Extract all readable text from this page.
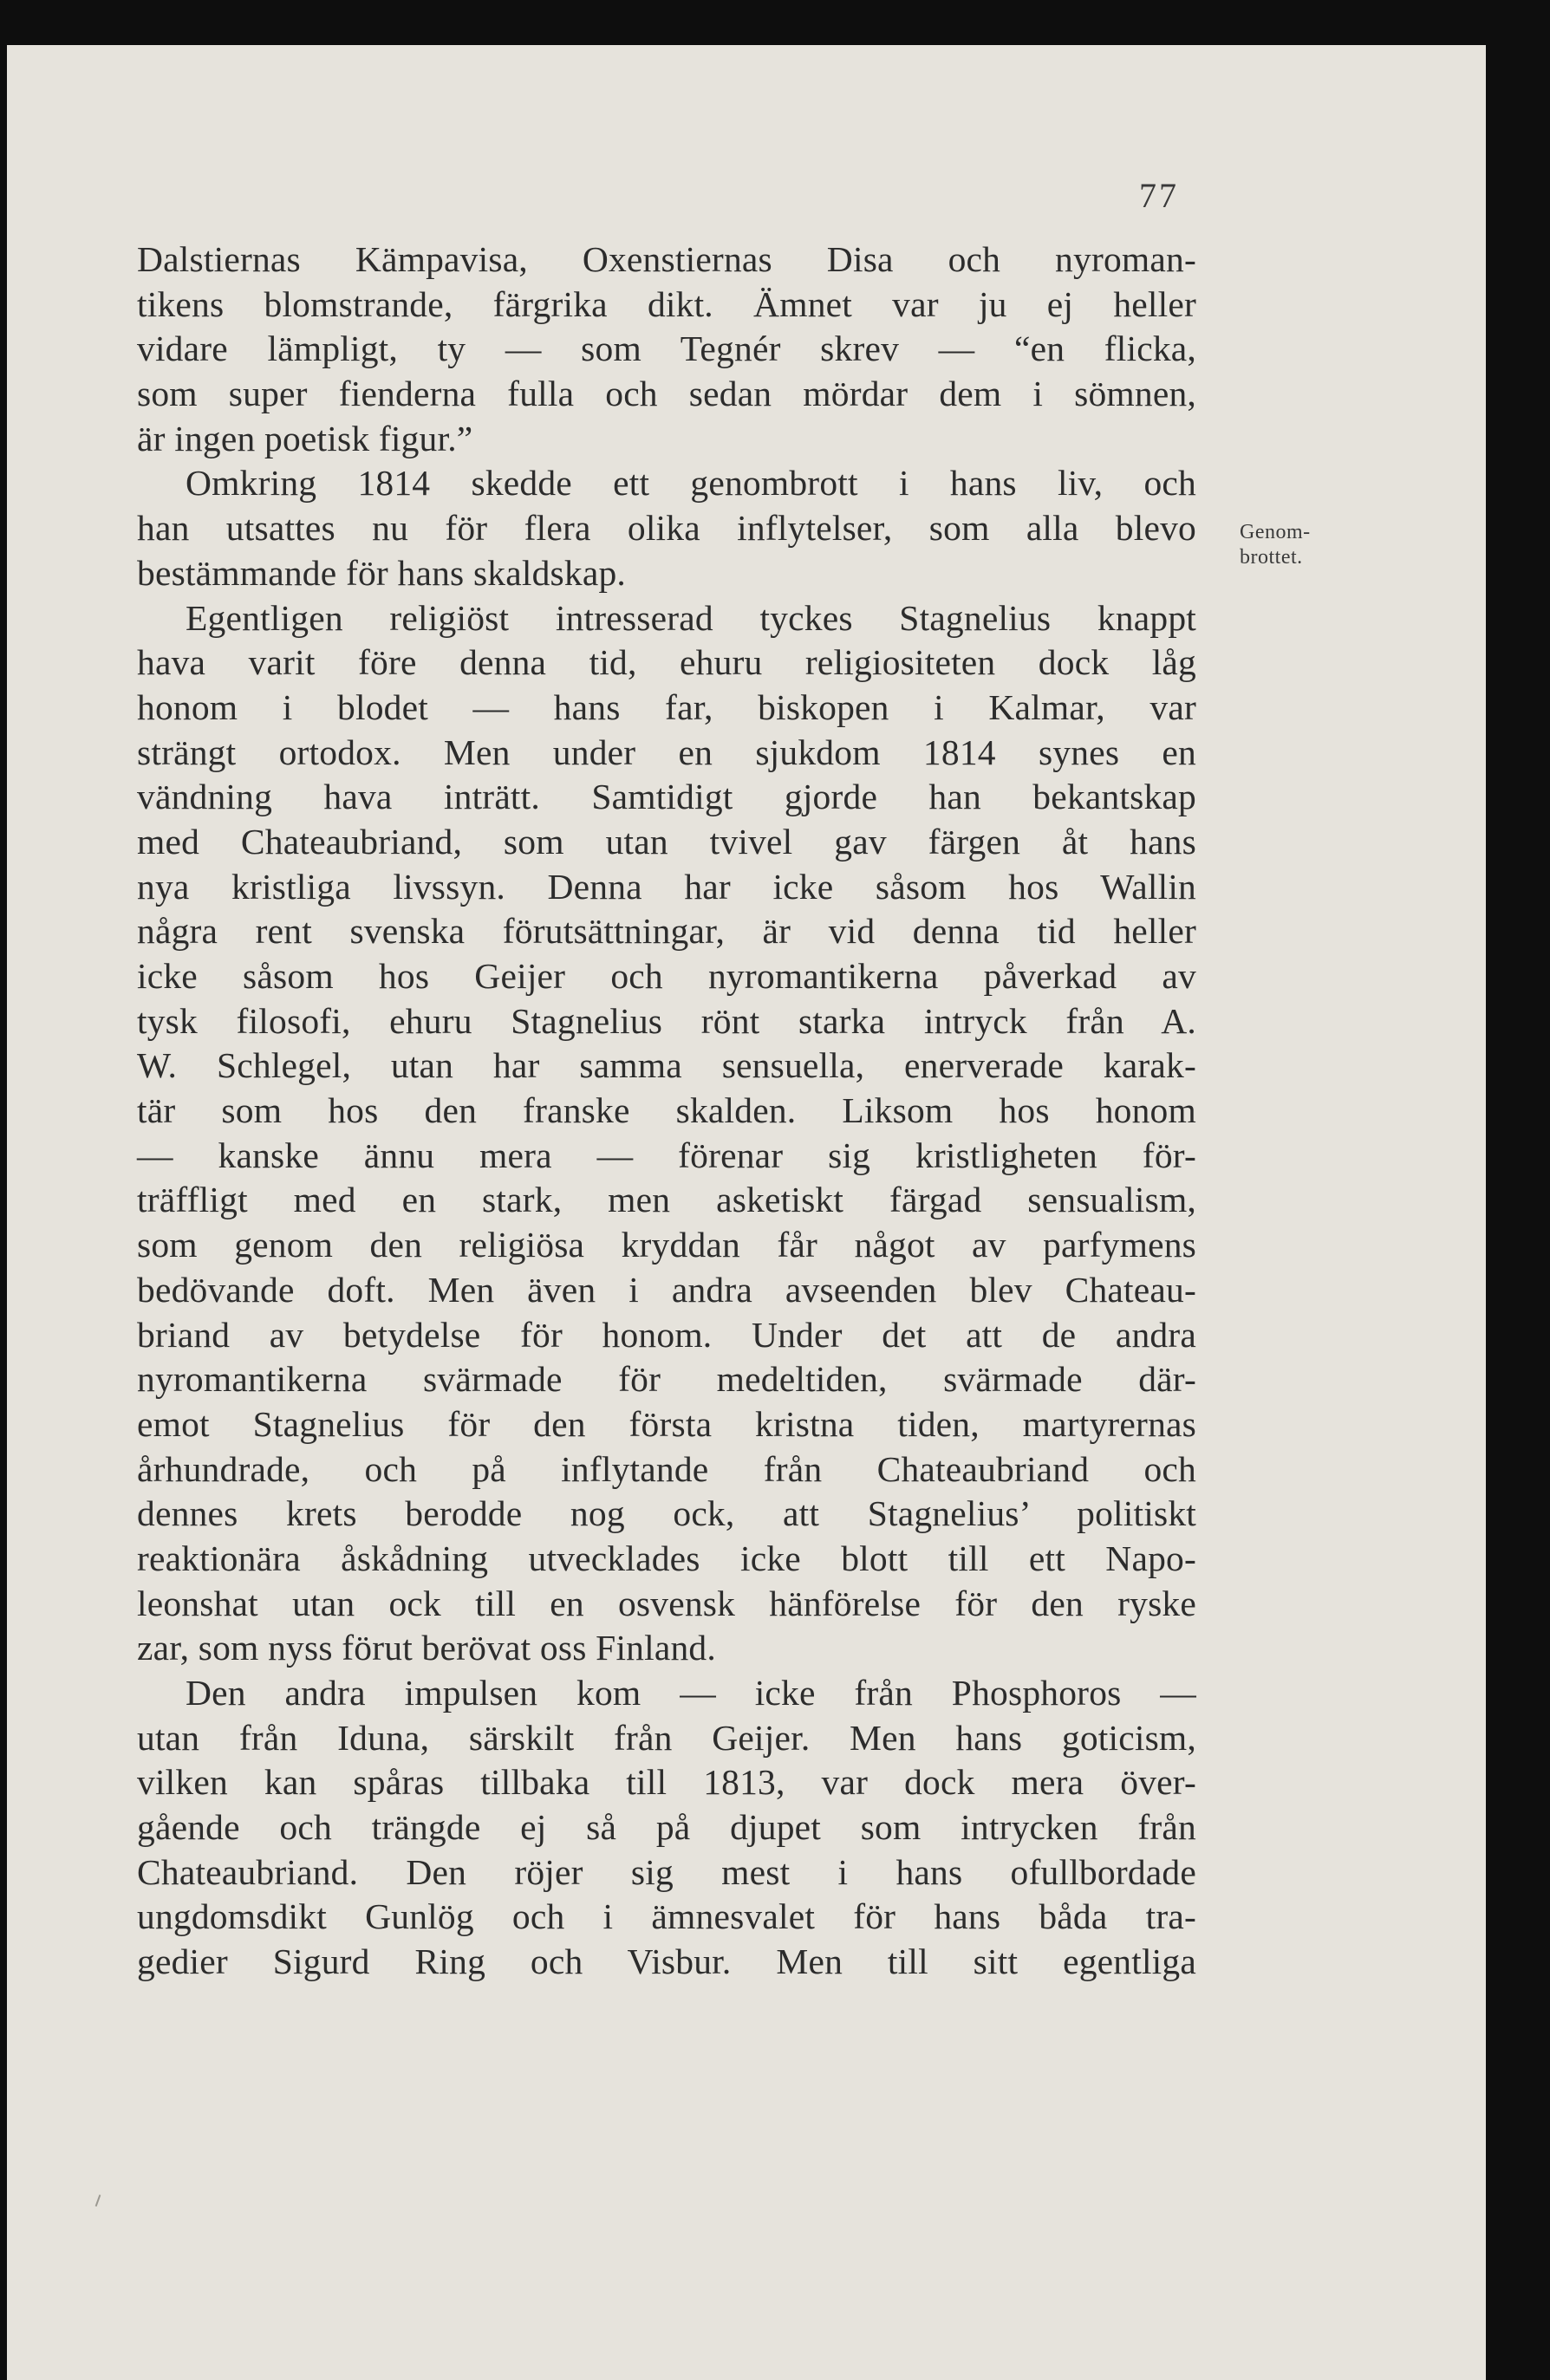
77
Genom-
brottet.
Dalstiernas Kämpavisa, Oxenstiernas Disa och nyroman-
tikens blomstrande, färgrika dikt. Ämnet var ju ej heller
vidare lämpligt, ty — som Tegnér skrev — “en flicka,
som super fienderna fulla och sedan mördar dem i sömnen,
är ingen poetisk figur.”
Omkring 1814 skedde ett genombrott i hans liv, och
han utsattes nu för flera olika inflytelser, som alla blevo
bestämmande för hans skaldskap.
Egentligen religiöst intresserad tyckes Stagnelius knappt
hava varit före denna tid, ehuru religiositeten dock låg
honom i blodet — hans far, biskopen i Kalmar, var
strängt ortodox. Men under en sjukdom 1814 synes en
vändning hava inträtt. Samtidigt gjorde han bekantskap
med Chateaubriand, som utan tvivel gav färgen åt hans
nya kristliga livssyn. Denna har icke såsom hos Wallin
några rent svenska förutsättningar, är vid denna tid heller
icke såsom hos Geijer och nyromantikerna påverkad av
tysk filosofi, ehuru Stagnelius rönt starka intryck från A.
W. Schlegel, utan har samma sensuella, enerverade karak-
tär som hos den franske skalden. Liksom hos honom
— kanske ännu mera — förenar sig kristligheten för-
träffligt med en stark, men asketiskt färgad sensualism,
som genom den religiösa kryddan får något av parfymens
bedövande doft. Men även i andra avseenden blev Chateau-
briand av betydelse för honom. Under det att de andra
nyromantikerna svärmade för medeltiden, svärmade där-
emot Stagnelius för den första kristna tiden, martyrernas
århundrade, och på inflytande från Chateaubriand och
dennes krets berodde nog ock, att Stagnelius’ politiskt
reaktionära åskådning utvecklades icke blott till ett Napo-
leonshat utan ock till en osvensk hänförelse för den ryske
zar, som nyss förut berövat oss Finland.
Den andra impulsen kom — icke från Phosphoros —
utan från Iduna, särskilt från Geijer. Men hans goticism,
vilken kan spåras tillbaka till 1813, var dock mera över-
gående och trängde ej så på djupet som intrycken från
Chateaubriand. Den röjer sig mest i hans ofullbordade
ungdomsdikt Gunlög och i ämnesvalet för hans båda tra-
gedier Sigurd Ring och Visbur. Men till sitt egentliga
